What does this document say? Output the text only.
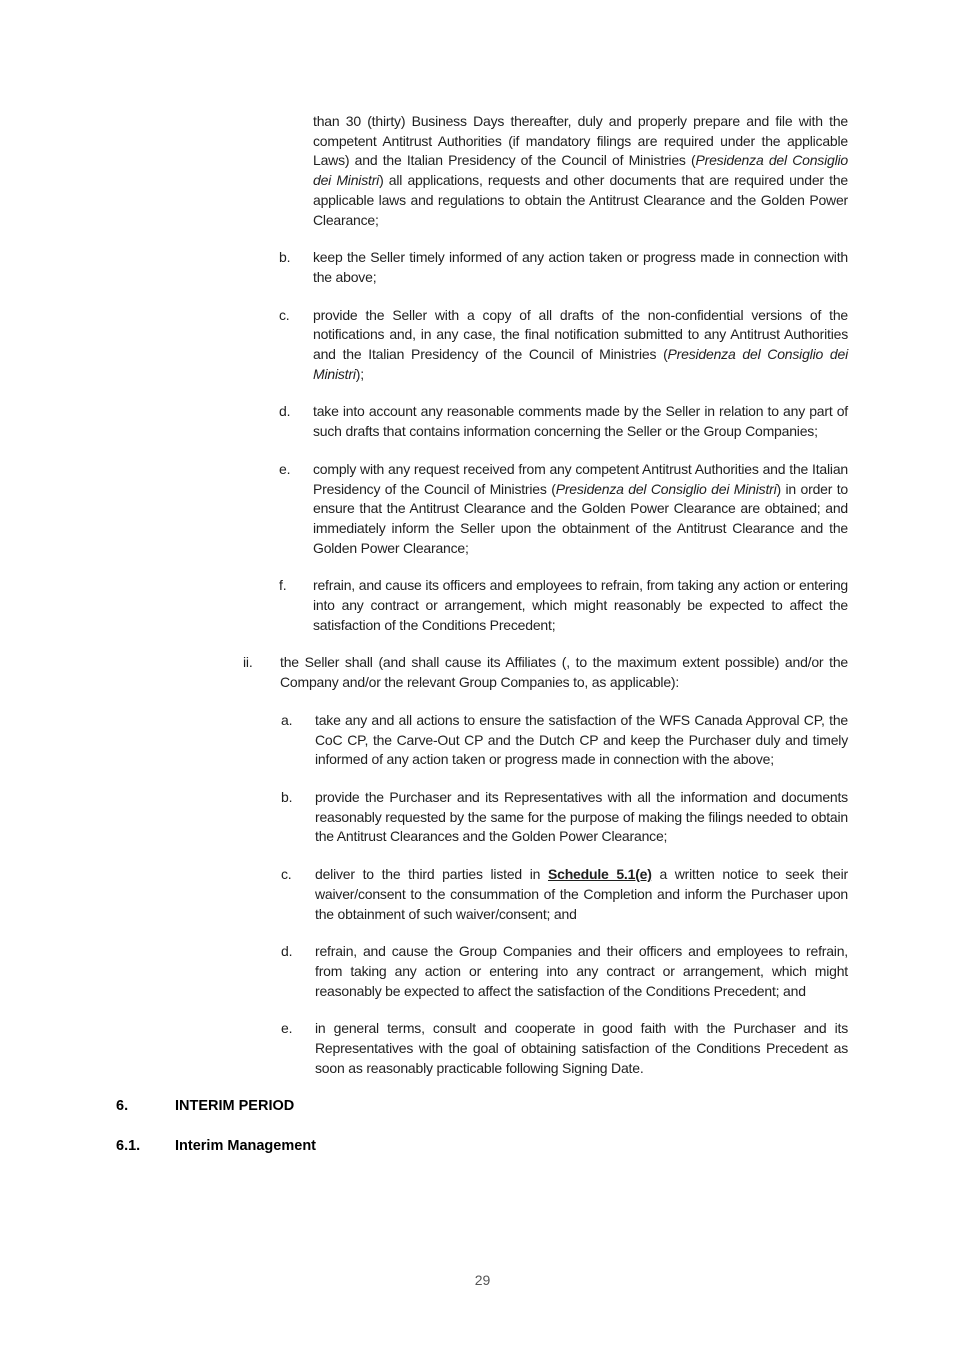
than 30 (thirty) Business Days thereafter, duly and properly prepare and file with the competent Antitrust Authorities (if mandatory filings are required under the applicable Laws) and the Italian Presidency of the Council of Ministries (Presidenza del Consiglio dei Ministri) all applications, requests and other documents that are required under the applicable laws and regulations to obtain the Antitrust Clearance and the Golden Power Clearance;
b.	keep the Seller timely informed of any action taken or progress made in connection with the above;
c.	provide the Seller with a copy of all drafts of the non-confidential versions of the notifications and, in any case, the final notification submitted to any Antitrust Authorities and the Italian Presidency of the Council of Ministries (Presidenza del Consiglio dei Ministri);
d.	take into account any reasonable comments made by the Seller in relation to any part of such drafts that contains information concerning the Seller or the Group Companies;
e.	comply with any request received from any competent Antitrust Authorities and the Italian Presidency of the Council of Ministries (Presidenza del Consiglio dei Ministri) in order to ensure that the Antitrust Clearance and the Golden Power Clearance are obtained; and immediately inform the Seller upon the obtainment of the Antitrust Clearance and the Golden Power Clearance;
f.	refrain, and cause its officers and employees to refrain, from taking any action or entering into any contract or arrangement, which might reasonably be expected to affect the satisfaction of the Conditions Precedent;
ii.	the Seller shall (and shall cause its Affiliates (, to the maximum extent possible) and/or the Company and/or the relevant Group Companies to, as applicable):
a.	take any and all actions to ensure the satisfaction of the WFS Canada Approval CP, the CoC CP, the Carve-Out CP and the Dutch CP and keep the Purchaser duly and timely informed of any action taken or progress made in connection with the above;
b.	provide the Purchaser and its Representatives with all the information and documents reasonably requested by the same for the purpose of making the filings needed to obtain the Antitrust Clearances and the Golden Power Clearance;
c.	deliver to the third parties listed in Schedule 5.1(e) a written notice to seek their waiver/consent to the consummation of the Completion and inform the Purchaser upon the obtainment of such waiver/consent; and
d.	refrain, and cause the Group Companies and their officers and employees to refrain, from taking any action or entering into any contract or arrangement, which might reasonably be expected to affect the satisfaction of the Conditions Precedent; and
e.	in general terms, consult and cooperate in good faith with the Purchaser and its Representatives with the goal of obtaining satisfaction of the Conditions Precedent as soon as reasonably practicable following Signing Date.
6.	INTERIM PERIOD
6.1.	Interim Management
29
